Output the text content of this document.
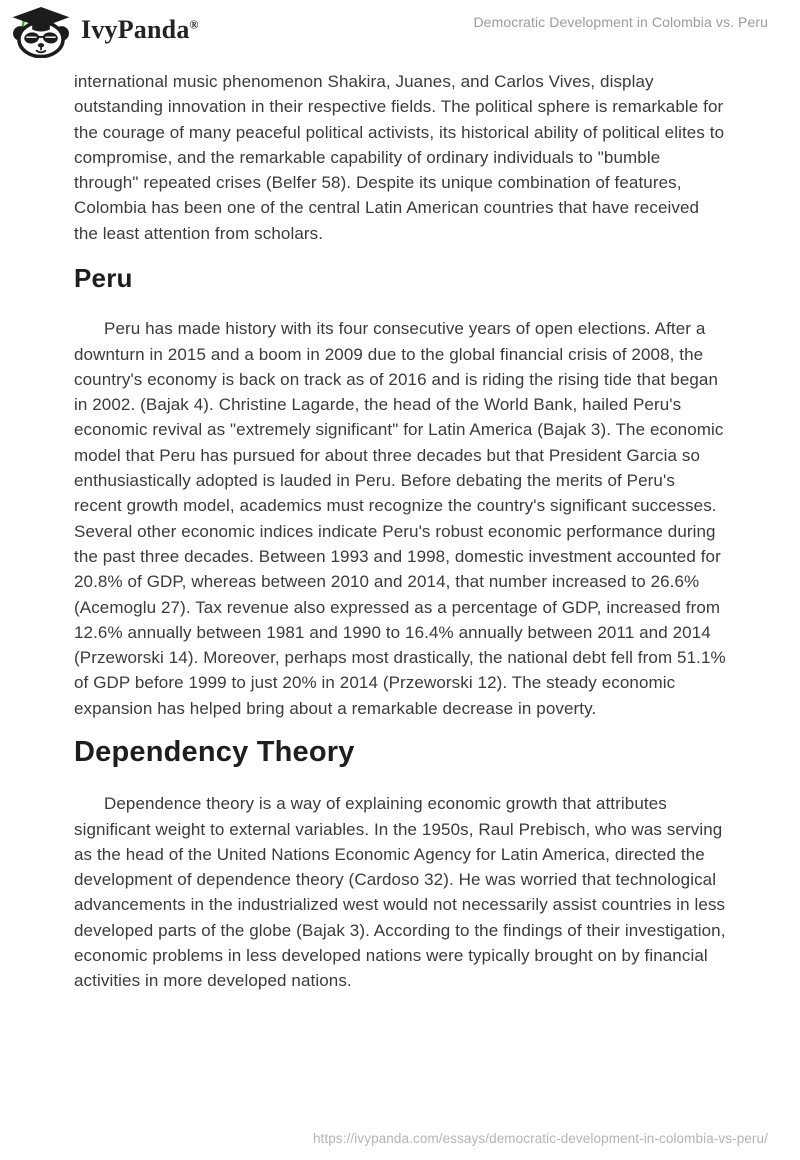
IvyPanda®	Democratic Development in Colombia vs. Peru

international music phenomenon Shakira, Juanes, and Carlos Vives, display outstanding innovation in their respective fields. The political sphere is remarkable for the courage of many peaceful political activists, its historical ability of political elites to compromise, and the remarkable capability of ordinary individuals to "bumble through" repeated crises (Belfer 58). Despite its unique combination of features, Colombia has been one of the central Latin American countries that have received the least attention from scholars.

Peru

Peru has made history with its four consecutive years of open elections. After a downturn in 2015 and a boom in 2009 due to the global financial crisis of 2008, the country's economy is back on track as of 2016 and is riding the rising tide that began in 2002. (Bajak 4). Christine Lagarde, the head of the World Bank, hailed Peru's economic revival as "extremely significant" for Latin America (Bajak 3). The economic model that Peru has pursued for about three decades but that President Garcia so enthusiastically adopted is lauded in Peru. Before debating the merits of Peru's recent growth model, academics must recognize the country's significant successes. Several other economic indices indicate Peru's robust economic performance during the past three decades. Between 1993 and 1998, domestic investment accounted for 20.8% of GDP, whereas between 2010 and 2014, that number increased to 26.6% (Acemoglu 27). Tax revenue also expressed as a percentage of GDP, increased from 12.6% annually between 1981 and 1990 to 16.4% annually between 2011 and 2014 (Przeworski 14). Moreover, perhaps most drastically, the national debt fell from 51.1% of GDP before 1999 to just 20% in 2014 (Przeworski 12). The steady economic expansion has helped bring about a remarkable decrease in poverty.

Dependency Theory

Dependence theory is a way of explaining economic growth that attributes significant weight to external variables. In the 1950s, Raul Prebisch, who was serving as the head of the United Nations Economic Agency for Latin America, directed the development of dependence theory (Cardoso 32). He was worried that technological advancements in the industrialized west would not necessarily assist countries in less developed parts of the globe (Bajak 3). According to the findings of their investigation, economic problems in less developed nations were typically brought on by financial activities in more developed nations.

https://ivypanda.com/essays/democratic-development-in-colombia-vs-peru/
